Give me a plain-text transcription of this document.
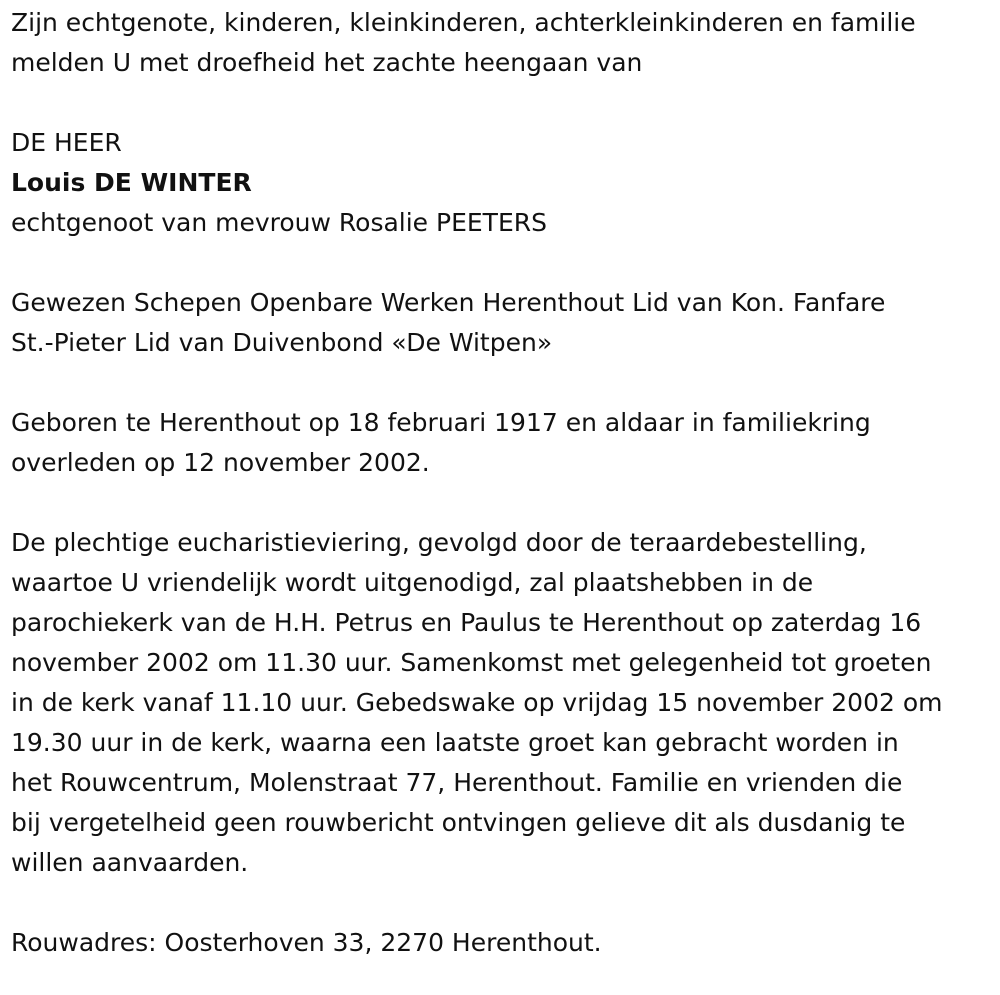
Zijn echtgenote, kinderen, kleinkinderen, achterkleinkinderen en familie

melden U met droefheid het zachte heengaan van

DE HEER

Louis DE WINTER

echtgenoot van mevrouw Rosalie PEETERS

Gewezen Schepen Openbare Werken Herenthout Lid van Kon. Fanfare

St.-Pieter Lid van Duivenbond «De Witpen»

Geboren te Herenthout op 18 februari 1917 en aldaar in familiekring

overleden op 12 november 2002.

De plechtige eucharistieviering, gevolgd door de teraardebestelling,

waartoe U vriendelijk wordt uitgenodigd, zal plaatshebben in de

parochiekerk van de H.H. Petrus en Paulus te Herenthout op zaterdag 16

november 2002 om 11.30 uur. Samenkomst met gelegenheid tot groeten

in de kerk vanaf 11.10 uur. Gebedswake op vrijdag 15 november 2002 om

19.30 uur in de kerk, waarna een laatste groet kan gebracht worden in

het Rouwcentrum, Molenstraat 77, Herenthout. Familie en vrienden die

bij vergetelheid geen rouwbericht ontvingen gelieve dit als dusdanig te

willen aanvaarden.

Rouwadres: Oosterhoven 33, 2270 Herenthout.
